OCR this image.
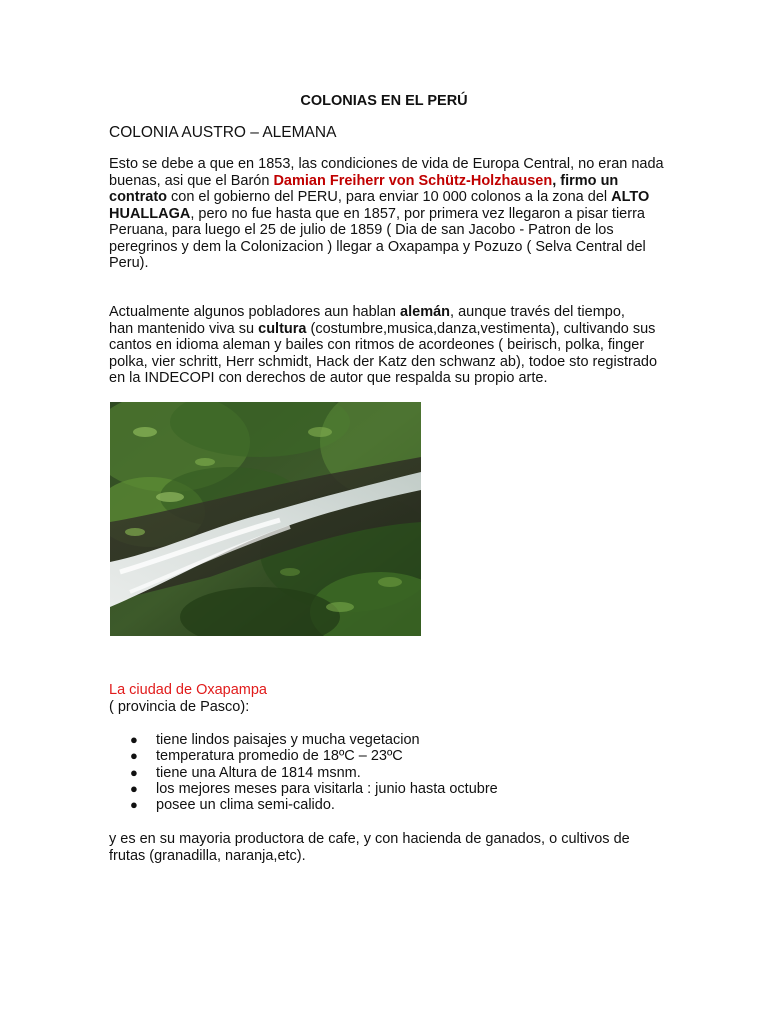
COLONIAS EN EL PERÚ
COLONIA AUSTRO – ALEMANA
Esto se debe a que en 1853, las condiciones de vida de Europa Central, no eran nada
buenas, asi que el Barón Damian Freiherr von Schütz-Holzhausen, firmo un
contrato con el gobierno del PERU, para enviar 10 000 colonos a la zona del ALTO
HUALLAGA, pero no fue hasta que en 1857, por primera vez llegaron a pisar tierra
Peruana, para luego el 25 de julio de 1859 ( Dia de san Jacobo - Patron de los
peregrinos y dem la Colonizacion ) llegar a Oxapampa y Pozuzo ( Selva Central del
Peru).
Actualmente algunos pobladores aun hablan alemán, aunque través del tiempo,
han mantenido viva su cultura (costumbre,musica,danza,vestimenta), cultivando sus
cantos en idioma aleman y bailes con ritmos de acordeones ( beirisch, polka, finger
polka, vier schritt, Herr schmidt, Hack der Katz den schwanz ab), todoe sto registrado
en la INDECOPI con derechos de autor que respalda su propio arte.
La ciudad de Oxapampa
( provincia de Pasco):
● tiene lindos paisajes y mucha vegetacion
● temperatura promedio de 18ºC – 23ºC
● tiene una Altura de 1814 msnm.
● los mejores meses para visitarla : junio hasta octubre
● posee un clima semi-calido.
y es en su mayoria productora de cafe, y con hacienda de ganados, o cultivos de
frutas (granadilla, naranja,etc).
